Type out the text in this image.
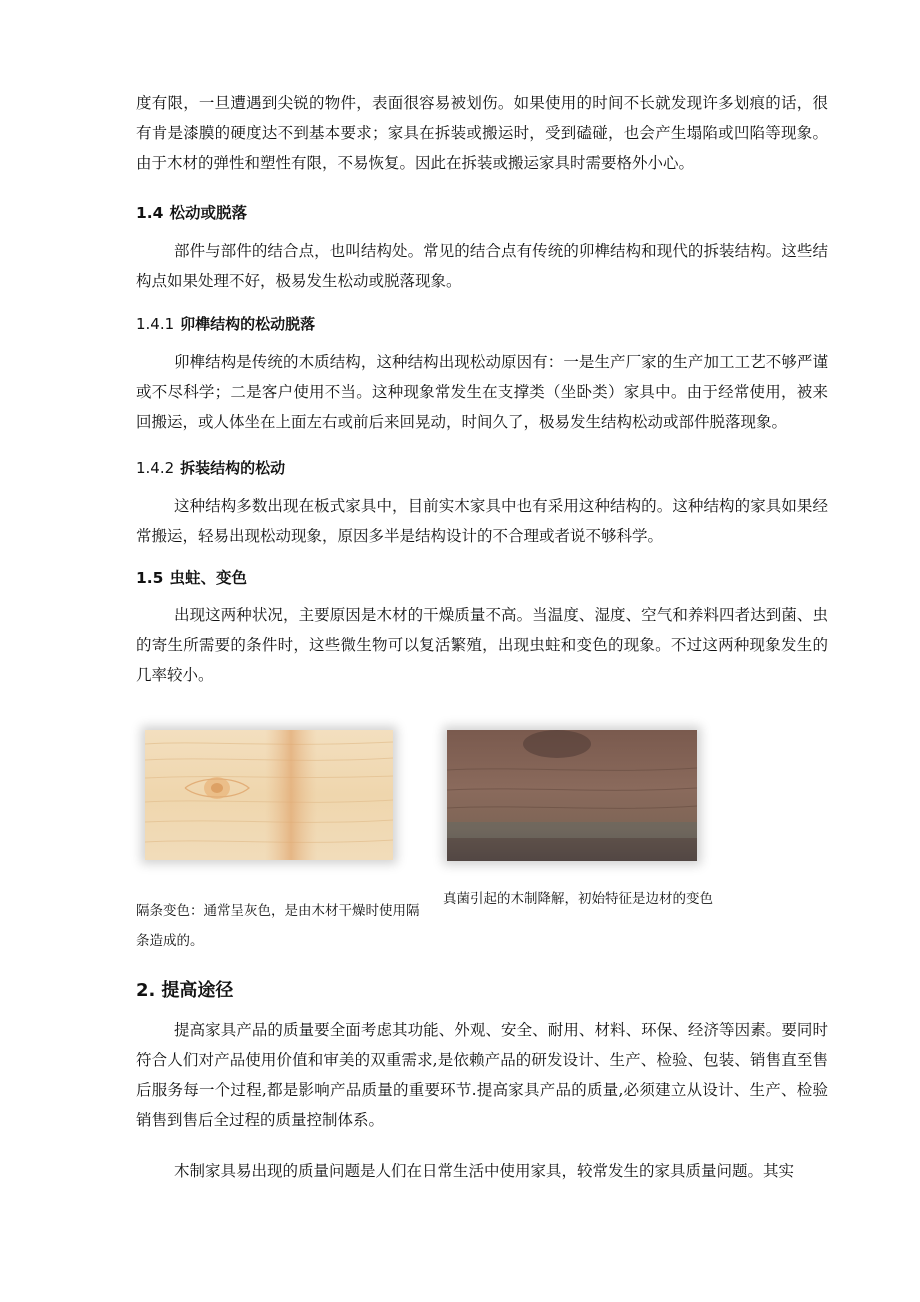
度有限，一旦遭遇到尖锐的物件，表面很容易被划伤。如果使用的时间不长就发现许多划痕的话，很有肯是漆膜的硬度达不到基本要求；家具在拆装或搬运时，受到磕碰，也会产生塌陷或凹陷等现象。由于木材的弹性和塑性有限，不易恢复。因此在拆装或搬运家具时需要格外小心。

1.4 松动或脱落

部件与部件的结合点，也叫结构处。常见的结合点有传统的卯榫结构和现代的拆装结构。这些结构点如果处理不好，极易发生松动或脱落现象。

1.4.1 卯榫结构的松动脱落

卯榫结构是传统的木质结构，这种结构出现松动原因有：一是生产厂家的生产加工工艺不够严谨或不尽科学；二是客户使用不当。这种现象常发生在支撑类（坐卧类）家具中。由于经常使用，被来回搬运，或人体坐在上面左右或前后来回晃动，时间久了，极易发生结构松动或部件脱落现象。

1.4.2 拆装结构的松动

这种结构多数出现在板式家具中，目前实木家具中也有采用这种结构的。这种结构的家具如果经常搬运，轻易出现松动现象，原因多半是结构设计的不合理或者说不够科学。

1.5 虫蛀、变色

出现这两种状况，主要原因是木材的干燥质量不高。当温度、湿度、空气和养料四者达到菌、虫的寄生所需要的条件时，这些微生物可以复活繁殖，出现虫蛀和变色的现象。不过这两种现象发生的几率较小。

隔条变色：通常呈灰色，是由木材干燥时使用隔条造成的。

真菌引起的木制降解，初始特征是边材的变色

2. 提高途径

提高家具产品的质量要全面考虑其功能、外观、安全、耐用、材料、环保、经济等因素。要同时符合人们对产品使用价值和审美的双重需求,是依赖产品的研发设计、生产、检验、包装、销售直至售后服务每一个过程,都是影响产品质量的重要环节.提高家具产品的质量,必须建立从设计、生产、检验销售到售后全过程的质量控制体系。

木制家具易出现的质量问题是人们在日常生活中使用家具，较常发生的家具质量问题。其实
